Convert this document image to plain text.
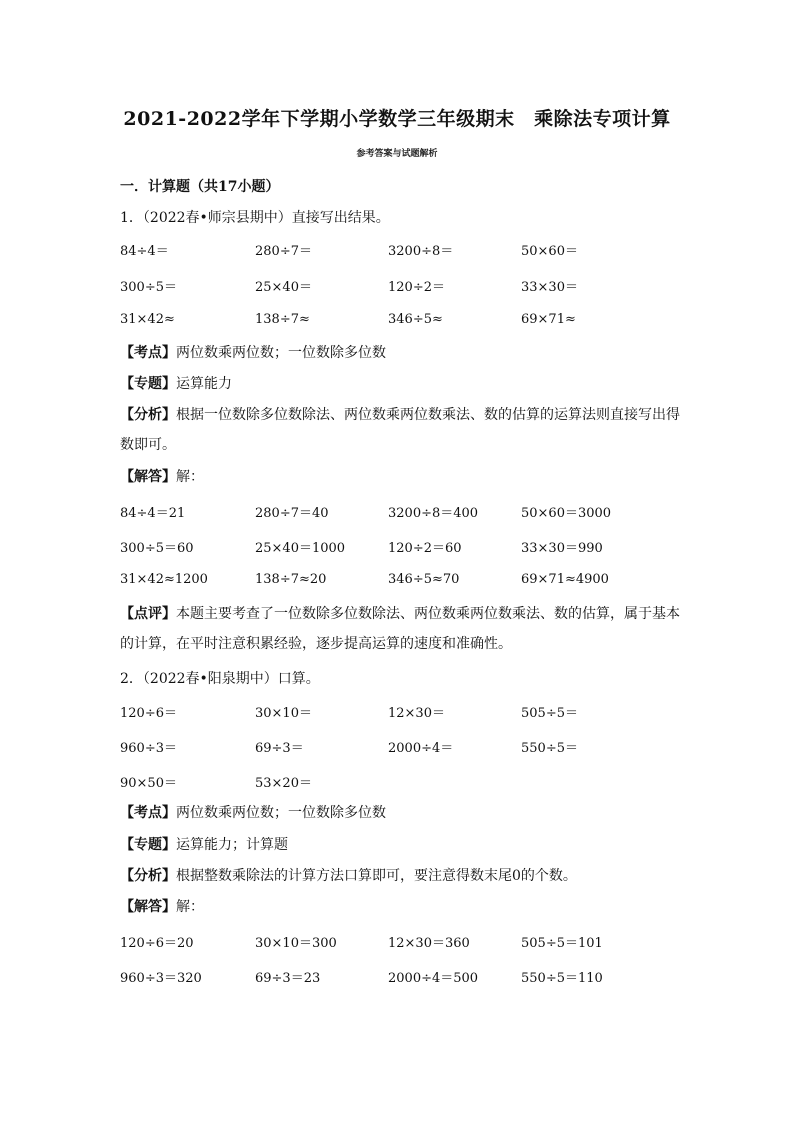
2021-2022学年下学期小学数学三年级期末　乘除法专项计算
参考答案与试题解析
一．计算题（共17小题）
1．（2022春•师宗县期中）直接写出结果。
84÷4＝	280÷7＝	3200÷8＝	50×60＝
300÷5＝	25×40＝	120÷2＝	33×30＝
31×42≈	138÷7≈	346÷5≈	69×71≈
【考点】两位数乘两位数；一位数除多位数
【专题】运算能力
【分析】根据一位数除多位数除法、两位数乘两位数乘法、数的估算的运算法则直接写出得
数即可。
【解答】解：
84÷4＝21	280÷7＝40	3200÷8＝400	50×60＝3000
300÷5＝60	25×40＝1000	120÷2＝60	33×30＝990
31×42≈1200	138÷7≈20	346÷5≈70	69×71≈4900
【点评】本题主要考查了一位数除多位数除法、两位数乘两位数乘法、数的估算，属于基本
的计算，在平时注意积累经验，逐步提高运算的速度和准确性。
2．（2022春•阳泉期中）口算。
120÷6＝	30×10＝	12×30＝	505÷5＝
960÷3＝	69÷3＝	2000÷4＝	550÷5＝
90×50＝	53×20＝
【考点】两位数乘两位数；一位数除多位数
【专题】运算能力；计算题
【分析】根据整数乘除法的计算方法口算即可，要注意得数末尾0的个数。
【解答】解：
120÷6＝20	30×10＝300	12×30＝360	505÷5＝101
960÷3＝320	69÷3＝23	2000÷4＝500	550÷5＝110
